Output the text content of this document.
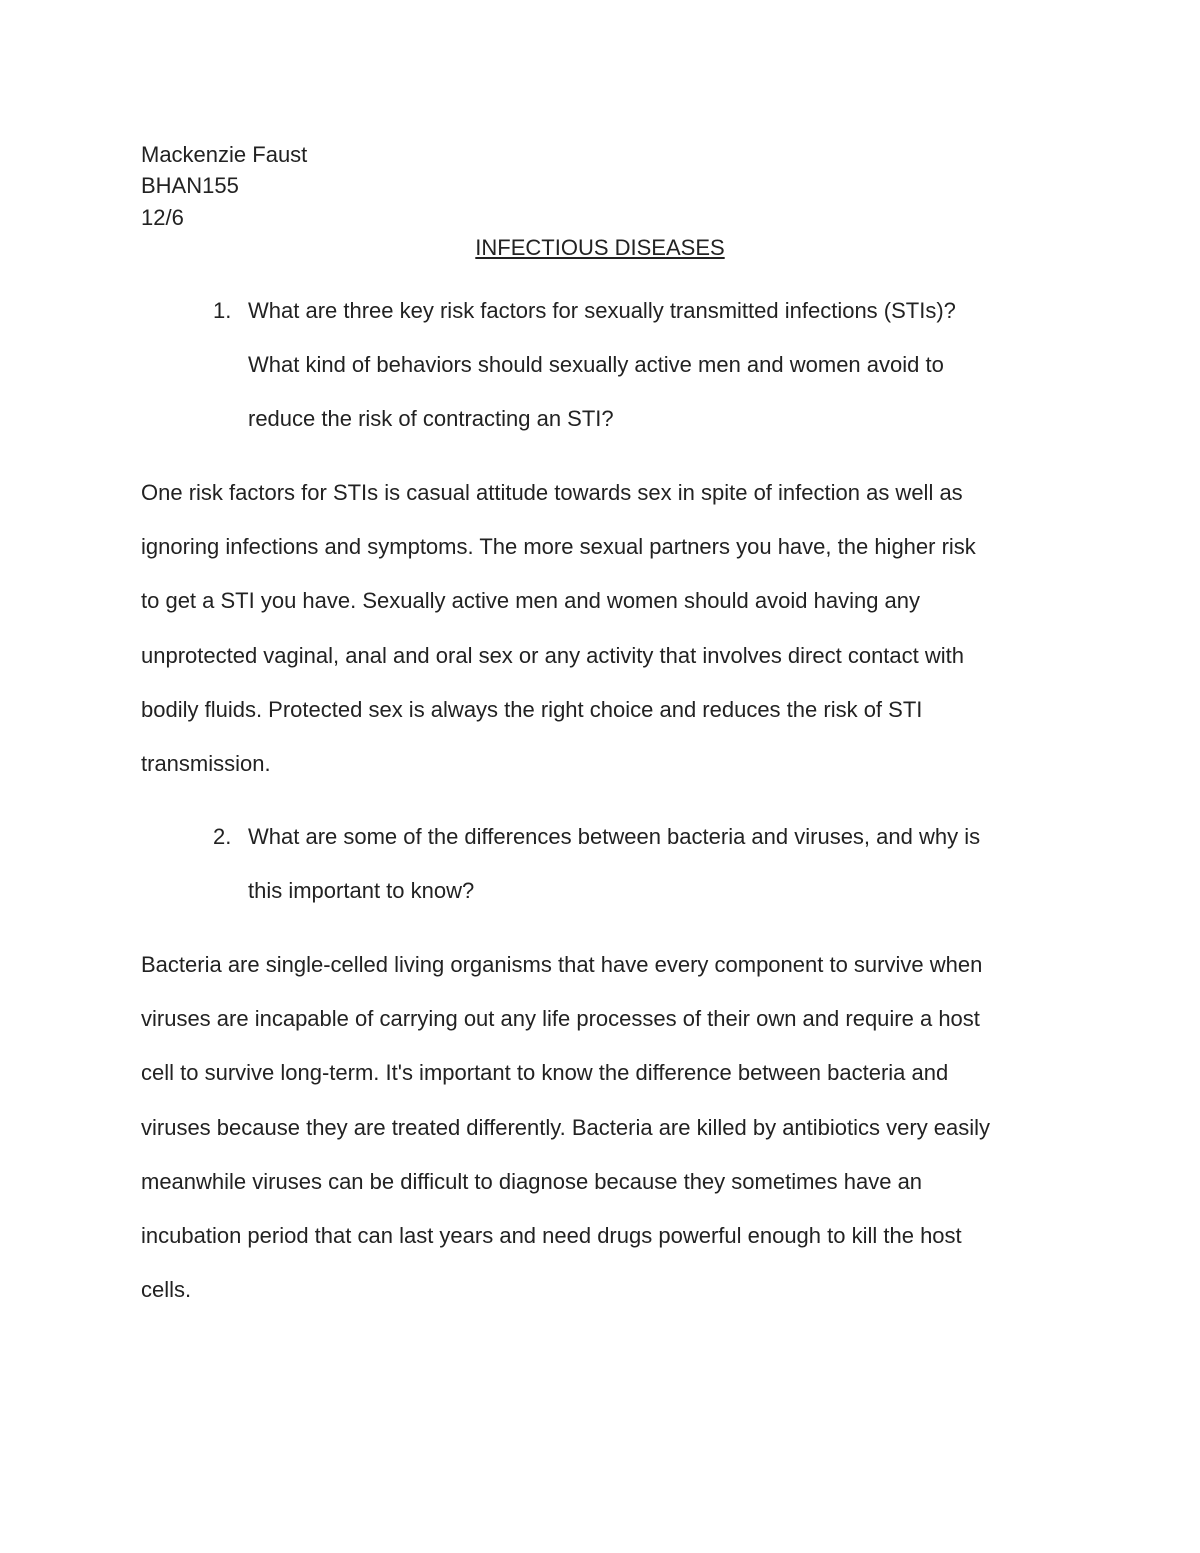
Mackenzie Faust
BHAN155
12/6
INFECTIOUS DISEASES
1. What are three key risk factors for sexually transmitted infections (STIs)?
What kind of behaviors should sexually active men and women avoid to
reduce the risk of contracting an STI?
One risk factors for STIs is casual attitude towards sex in spite of infection as well as
ignoring infections and symptoms. The more sexual partners you have, the higher risk
to get a STI you have. Sexually active men and women should avoid having any
unprotected vaginal, anal and oral sex or any activity that involves direct contact with
bodily fluids. Protected sex is always the right choice and reduces the risk of STI
transmission.
2. What are some of the differences between bacteria and viruses, and why is
this important to know?
Bacteria are single-celled living organisms that have every component to survive when
viruses are incapable of carrying out any life processes of their own and require a host
cell to survive long-term. It's important to know the difference between bacteria and
viruses because they are treated differently. Bacteria are killed by antibiotics very easily
meanwhile viruses can be difficult to diagnose because they sometimes have an
incubation period that can last years and need drugs powerful enough to kill the host
cells.
